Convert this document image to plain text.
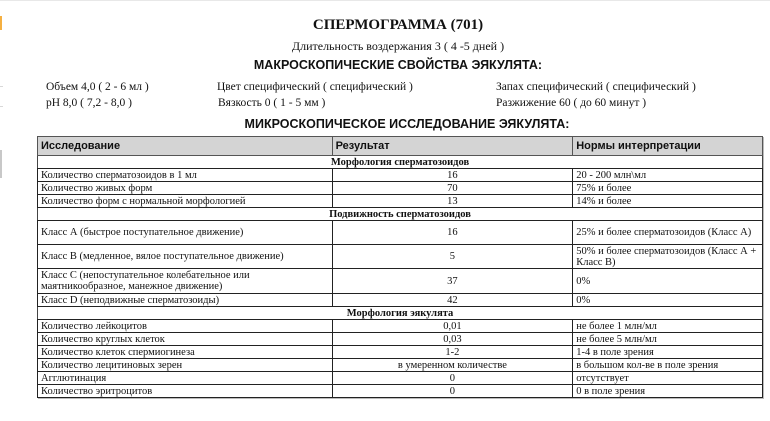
СПЕРМОГРАММА (701)
Длительность воздержания 3 ( 4 -5 дней )
МАКРОСКОПИЧЕСКИЕ СВОЙСТВА ЭЯКУЛЯТА:
Объем 4,0 ( 2 - 6 мл )	Цвет специфический ( специфический )	Запах специфический ( специфический )
pH 8,0 ( 7,2 - 8,0 )	Вязкость 0 ( 1 - 5 мм )	Разжижение 60 ( до 60 минут )
МИКРОСКОПИЧЕСКОЕ ИССЛЕДОВАНИЕ ЭЯКУЛЯТА:
Исследование	Результат	Нормы интерпретации
Морфология сперматозоидов		
Количество сперматозоидов в 1 мл	16	20 - 200 млн\мл
Количество живых форм	70	75% и более
Количество форм с нормальной морфологией	13	14% и более
Подвижность сперматозоидов		
Класс А (быстрое поступательное движение)	16	25% и более сперматозоидов (Класс А)
Класс В (медленное, вялое поступательное движение)	5	50% и более сперматозоидов (Класс А + Класс В)
Класс С (непоступательное колебательное или маятникообразное, манежное движение)	37	0%
Класс D (неподвижные сперматозоиды)	42	0%
Морфология эякулята		
Количество лейкоцитов	0,01	не более 1 млн/мл
Количество круглых клеток	0,03	не более 5 млн/мл
Количество клеток спермиогинеза	1-2	1-4 в поле зрения
Количество лецитиновых зерен	в умеренном количестве	в большом кол-ве в поле зрения
Агглютинация	0	отсутствует
Количество эритроцитов	0	0 в поле зрения
